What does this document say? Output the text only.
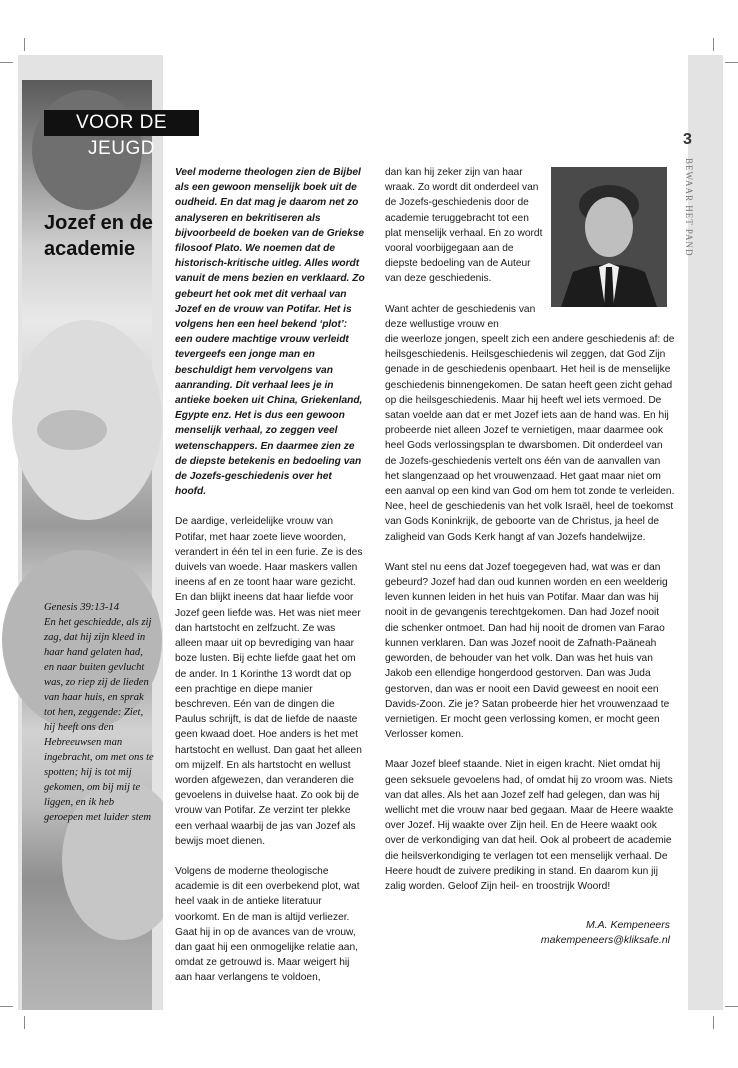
VOOR DE JEUGD
Jozef en de academie
3
BEWAAR HET PAND
Genesis 39:13-14
En het geschiedde, als zij zag, dat hij zijn kleed in haar hand gelaten had, en naar buiten gevlucht was, zo riep zij de lieden van haar huis, en sprak tot hen, zeggende: Ziet, hij heeft ons den Hebreeuwsen man ingebracht, om met ons te spotten; hij is tot mij gekomen, om bij mij te liggen, en ik heb geroepen met luider stem

Veel moderne theologen zien de Bijbel als een gewoon menselijk boek uit de oudheid. En dat mag je daarom net zo analyseren en bekritiseren als bijvoorbeeld de boeken van de Griekse filosoof Plato. We noemen dat de historisch-kritische uitleg. Alles wordt vanuit de mens bezien en verklaard. Zo gebeurt het ook met dit verhaal van Jozef en de vrouw van Potifar. Het is volgens hen een heel bekend ‘plot’: een oudere machtige vrouw verleidt tevergeefs een jonge man en beschuldigt hem vervolgens van aanranding. Dit verhaal lees je in antieke boeken uit China, Griekenland, Egypte enz. Het is dus een gewoon menselijk verhaal, zo zeggen veel wetenschappers. En daarmee zien ze de diepste betekenis en bedoeling van de Jozefs-geschiedenis over het hoofd.

De aardige, verleidelijke vrouw van Potifar, met haar zoete lieve woorden, verandert in één tel in een furie. Ze is des duivels van woede. Haar maskers vallen ineens af en ze toont haar ware gezicht. En dan blijkt ineens dat haar liefde voor Jozef geen liefde was. Het was niet meer dan hartstocht en zelfzucht. Ze was alleen maar uit op bevrediging van haar boze lusten. Bij echte liefde gaat het om de ander. In 1 Korinthe 13 wordt dat op een prachtige en diepe manier beschreven. Eén van de dingen die Paulus schrijft, is dat de liefde de naaste geen kwaad doet. Hoe anders is het met hartstocht en wellust. Dan gaat het alleen om mijzelf. En als hartstocht en wellust worden afgewezen, dan veranderen die gevoelens in duivelse haat. Zo ook bij de vrouw van Potifar. Ze verzint ter plekke een verhaal waarbij de jas van Jozef als bewijs moet dienen.

Volgens de moderne theologische academie is dit een overbekend plot, wat heel vaak in de antieke literatuur voorkomt. En de man is altijd verliezer. Gaat hij in op de avances van de vrouw, dan gaat hij een onmogelijke relatie aan, omdat ze getrouwd is. Maar weigert hij aan haar verlangens te voldoen,

dan kan hij zeker zijn van haar wraak. Zo wordt dit onderdeel van de Jozefs-geschiedenis door de academie teruggebracht tot een plat menselijk verhaal. En zo wordt vooral voorbijgegaan aan de diepste bedoeling van de Auteur van deze geschiedenis.

Want achter de geschiedenis van deze wellustige vrouw en
die weerloze jongen, speelt zich een andere geschiedenis af: de heilsgeschiedenis. Heilsgeschiedenis wil zeggen, dat God Zijn genade in de geschiedenis openbaart. Het heil is de menselijke geschiedenis binnengekomen. De satan heeft geen zicht gehad op die heilsgeschiedenis. Maar hij heeft wel iets vermoed. De satan voelde aan dat er met Jozef iets aan de hand was. En hij probeerde niet alleen Jozef te vernietigen, maar daarmee ook heel Gods verlossingsplan te dwarsbomen. Dit onderdeel van de Jozefs-geschiedenis vertelt ons één van de aanvallen van het slangenzaad op het vrouwenzaad. Het gaat maar niet om een aanval op een kind van God om hem tot zonde te verleiden.

Nee, heel de geschiedenis van het volk Israël, heel de toekomst van Gods Koninkrijk, de geboorte van de Christus, ja heel de zaligheid van Gods Kerk hangt af van Jozefs handelwijze.

Want stel nu eens dat Jozef toegegeven had, wat was er dan gebeurd? Jozef had dan oud kunnen worden en een weelderig leven kunnen leiden in het huis van Potifar. Maar dan was hij nooit in de gevangenis terechtgekomen. Dan had Jozef nooit die schenker ontmoet. Dan had hij nooit de dromen van Farao kunnen verklaren. Dan was Jozef nooit de Zafnath-Paäneah geworden, de behouder van het volk. Dan was het huis van Jakob een ellendige hongerdood gestorven. Dan was Juda gestorven, dan was er nooit een David geweest en nooit een Davids-Zoon. Zie je? Satan probeerde hier het vrouwenzaad te vernietigen. Er mocht geen verlossing komen, er mocht geen Verlosser komen.

Maar Jozef bleef staande. Niet in eigen kracht. Niet omdat hij geen seksuele gevoelens had, of omdat hij zo vroom was. Niets van dat alles. Als het aan Jozef zelf had gelegen, dan was hij wellicht met die vrouw naar bed gegaan. Maar de Heere waakte over Jozef. Hij waakte over Zijn heil. En de Heere waakt ook over de verkondiging van dat heil. Ook al probeert de academie die heilsverkondiging te verlagen tot een menselijk verhaal. De Heere houdt de zuivere prediking in stand. En daarom kun jij zalig worden. Geloof Zijn heil- en troostrijk Woord!

M.A. Kempeneers
makempeneers@kliksafe.nl
